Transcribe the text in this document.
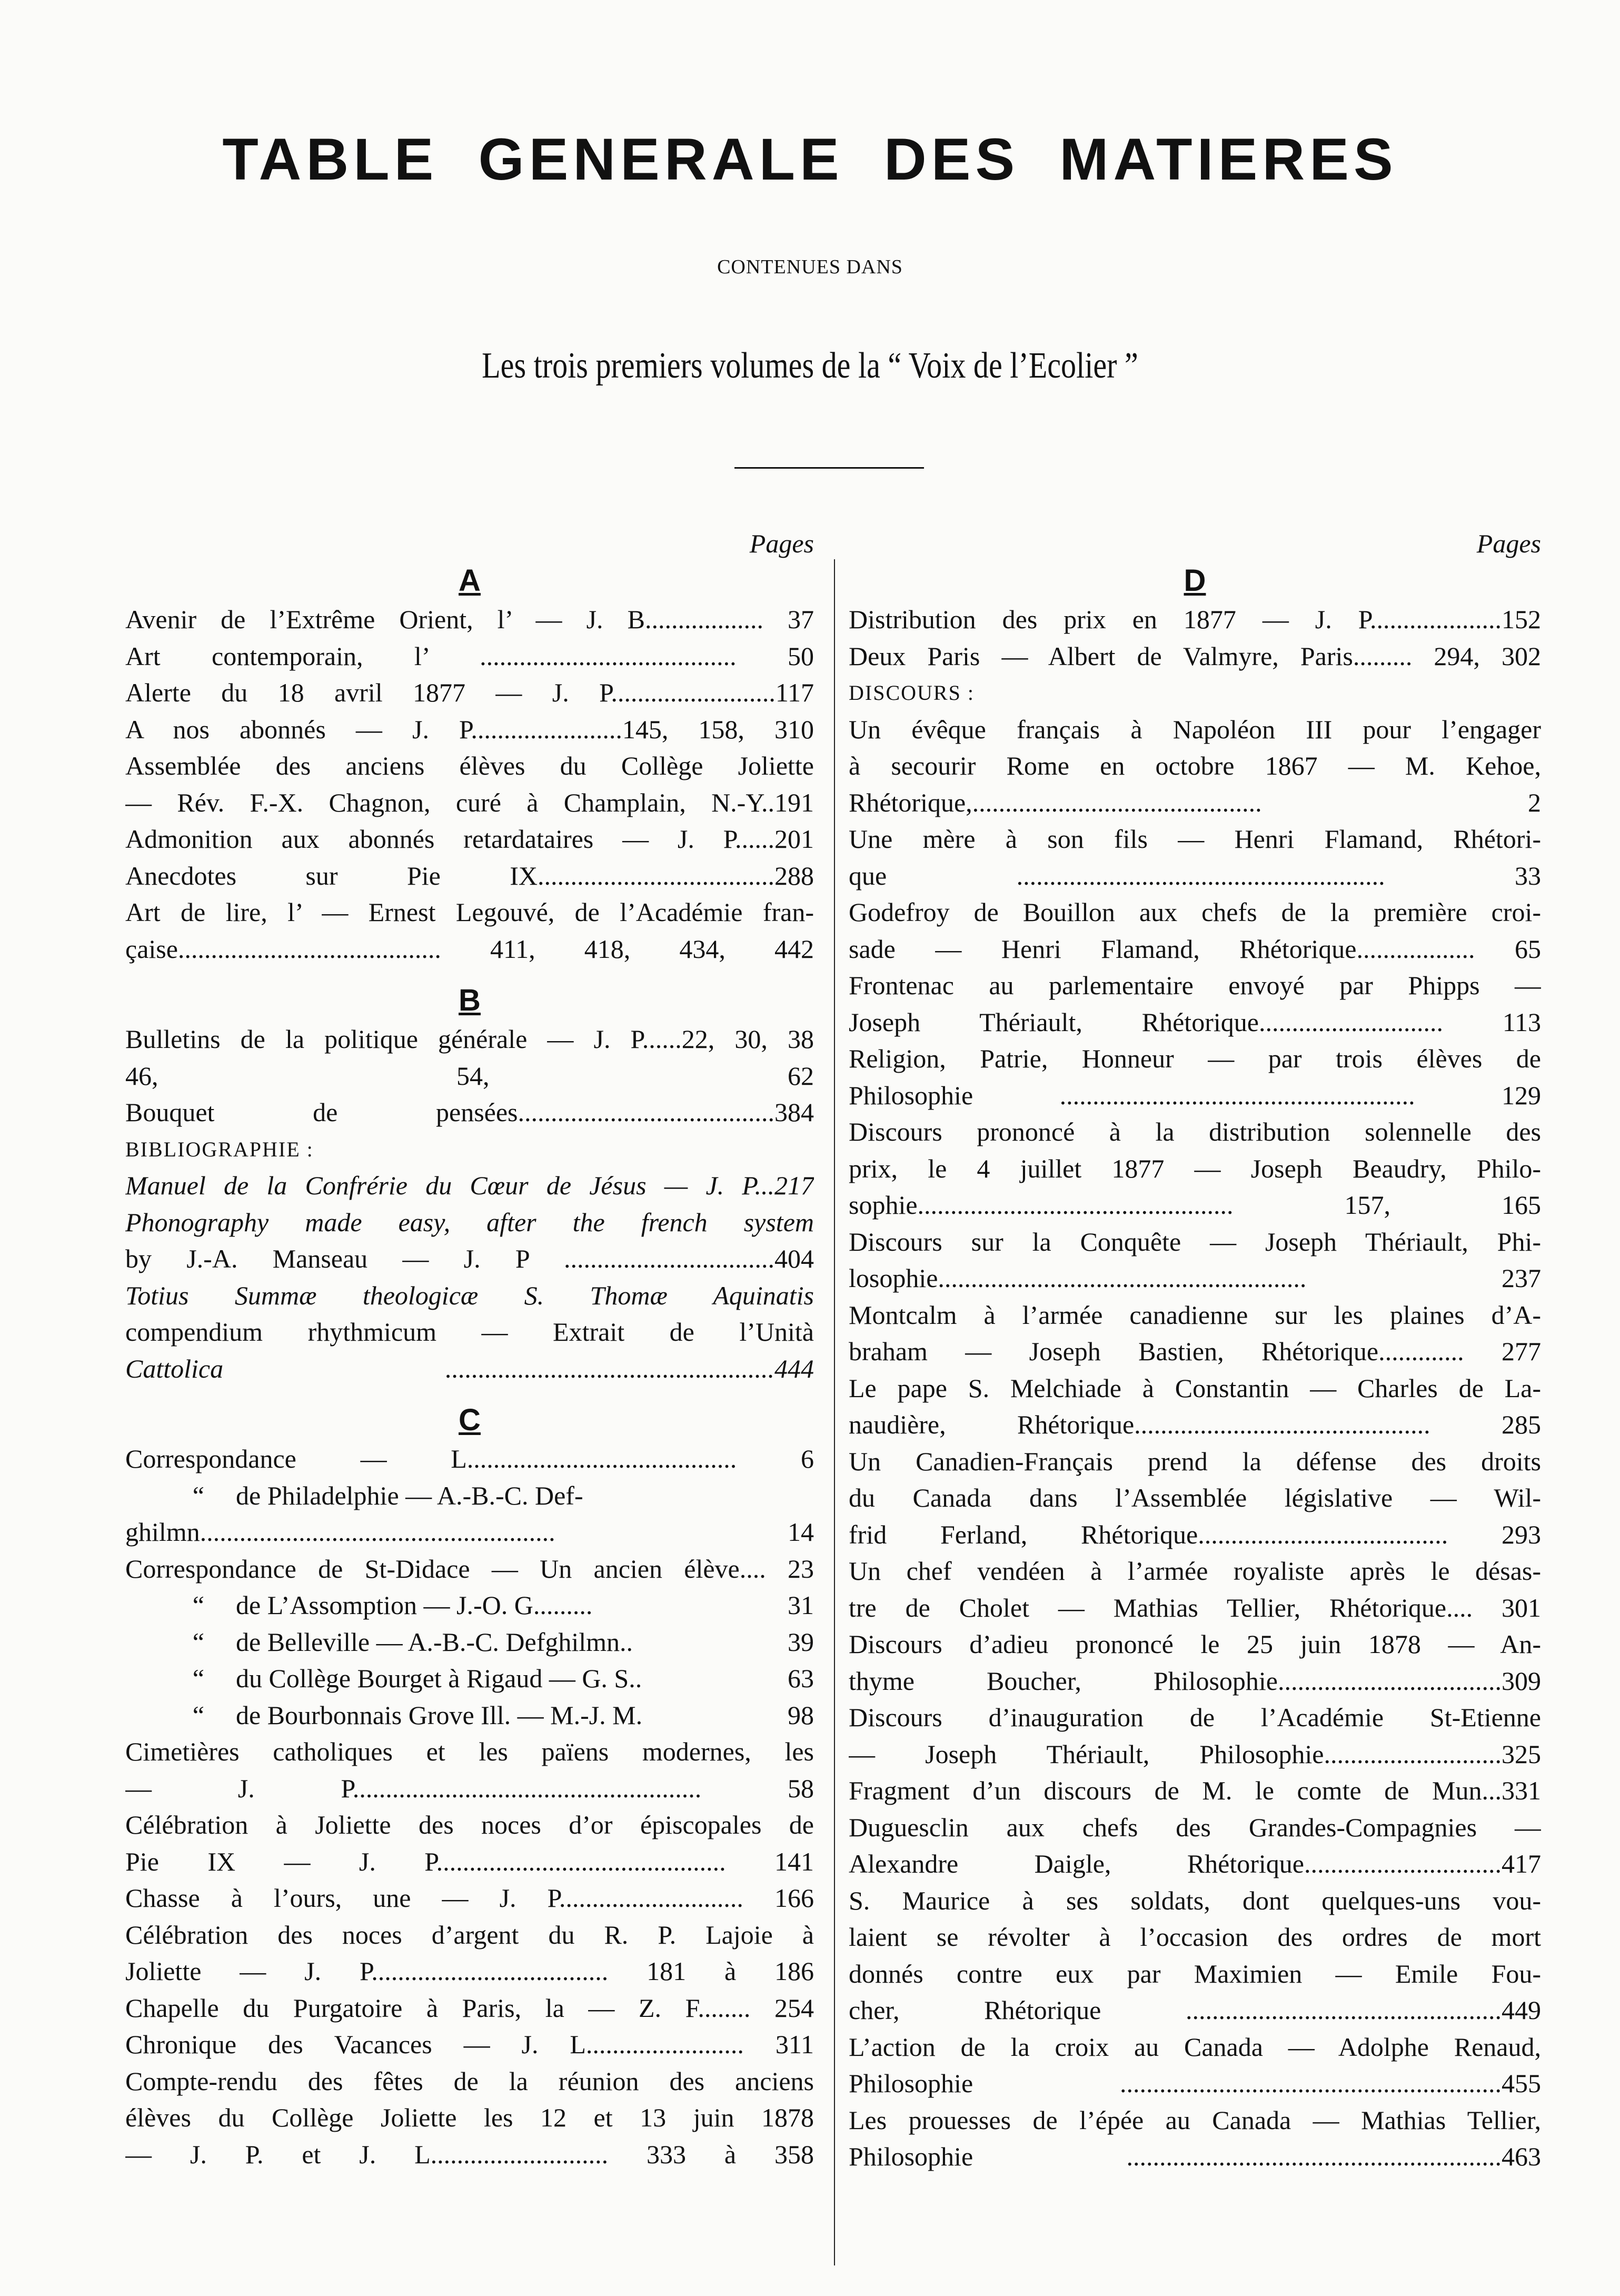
TABLE GENERALE DES MATIERES
CONTENUES DANS
Les trois premiers volumes de la “ Voix de l’Ecolier ”
Pages
A
Avenir de l’Extrême Orient, l’ — J. B.................. 37
Art contemporain, l’ ....................................... 50
Alerte du 18 avril 1877 — J. P.........................117
A nos abonnés — J. P.......................145, 158, 310
Assemblée des anciens élèves du Collège Joliette
— Rév. F.-X. Chagnon, curé à Champlain, N.-Y..191
Admonition aux abonnés retardataires — J. P......201
Anecdotes sur Pie IX....................................288
Art de lire, l’ — Ernest Legouvé, de l’Académie fran-
çaise........................................ 411, 418, 434, 442
B
Bulletins de la politique générale — J. P......22, 30, 38
46, 54, 62
Bouquet de pensées.......................................384
BIBLIOGRAPHIE :
Manuel de la Confrérie du Cœur de Jésus — J. P...217
Phonography made easy, after the french system
by J.-A. Manseau — J. P ................................404
Totius Summæ theologicæ S. Thomæ Aquinatis
compendium rhythmicum — Extrait de l’Unità
Cattolica ..................................................444
C
Correspondance — L......................................... 6
“	de Philadelphie — A.-B.-C. Def-
ghilmn...................................................... 14
Correspondance de St-Didace — Un ancien élève.... 23
“	de L’Assomption — J.-O. G.........	31
“	de Belleville — A.-B.-C. Defghilmn..	39
“	du Collège Bourget à Rigaud — G. S..	63
“	de Bourbonnais Grove Ill. — M.-J. M.	98
Cimetières catholiques et les païens modernes, les
— J. P..................................................... 58
Célébration à Joliette des noces d’or épiscopales de
Pie IX — J. P............................................ 141
Chasse à l’ours, une — J. P............................ 166
Célébration des noces d’argent du R. P. Lajoie à
Joliette — J. P.................................... 181 à 186
Chapelle du Purgatoire à Paris, la — Z. F........ 254
Chronique des Vacances — J. L........................ 311
Compte-rendu des fêtes de la réunion des anciens
élèves du Collège Joliette les 12 et 13 juin 1878
— J. P. et J. L........................... 333 à 358
Pages
D
Distribution des prix en 1877 — J. P....................152
Deux Paris — Albert de Valmyre, Paris......... 294, 302
DISCOURS :
Un évêque français à Napoléon III pour l’engager
à secourir Rome en octobre 1867 — M. Kehoe,
Rhétorique,............................................ 2
Une mère à son fils — Henri Flamand, Rhétori-
que ........................................................ 33
Godefroy de Bouillon aux chefs de la première croi-
sade — Henri Flamand, Rhétorique.................. 65
Frontenac au parlementaire envoyé par Phipps —
Joseph Thériault, Rhétorique............................ 113
Religion, Patrie, Honneur — par trois élèves de
Philosophie ...................................................... 129
Discours prononcé à la distribution solennelle des
prix, le 4 juillet 1877 — Joseph Beaudry, Philo-
sophie................................................ 157, 165
Discours sur la Conquête — Joseph Thériault, Phi-
losophie........................................................ 237
Montcalm à l’armée canadienne sur les plaines d’A-
braham — Joseph Bastien, Rhétorique............. 277
Le pape S. Melchiade à Constantin — Charles de La-
naudière, Rhétorique............................................. 285
Un Canadien-Français prend la défense des droits
du Canada dans l’Assemblée législative — Wil-
frid Ferland, Rhétorique...................................... 293
Un chef vendéen à l’armée royaliste après le désas-
tre de Cholet — Mathias Tellier, Rhétorique.... 301
Discours d’adieu prononcé le 25 juin 1878 — An-
thyme Boucher, Philosophie..................................309
Discours d’inauguration de l’Académie St-Etienne
— Joseph Thériault, Philosophie...........................325
Fragment d’un discours de M. le comte de Mun...331
Duguesclin aux chefs des Grandes-Compagnies —
Alexandre Daigle, Rhétorique..............................417
S. Maurice à ses soldats, dont quelques-uns vou-
laient se révolter à l’occasion des ordres de mort
donnés contre eux par Maximien — Emile Fou-
cher, Rhétorique ................................................449
L’action de la croix au Canada — Adolphe Renaud,
Philosophie ..........................................................455
Les prouesses de l’épée au Canada — Mathias Tellier,
Philosophie .........................................................463
